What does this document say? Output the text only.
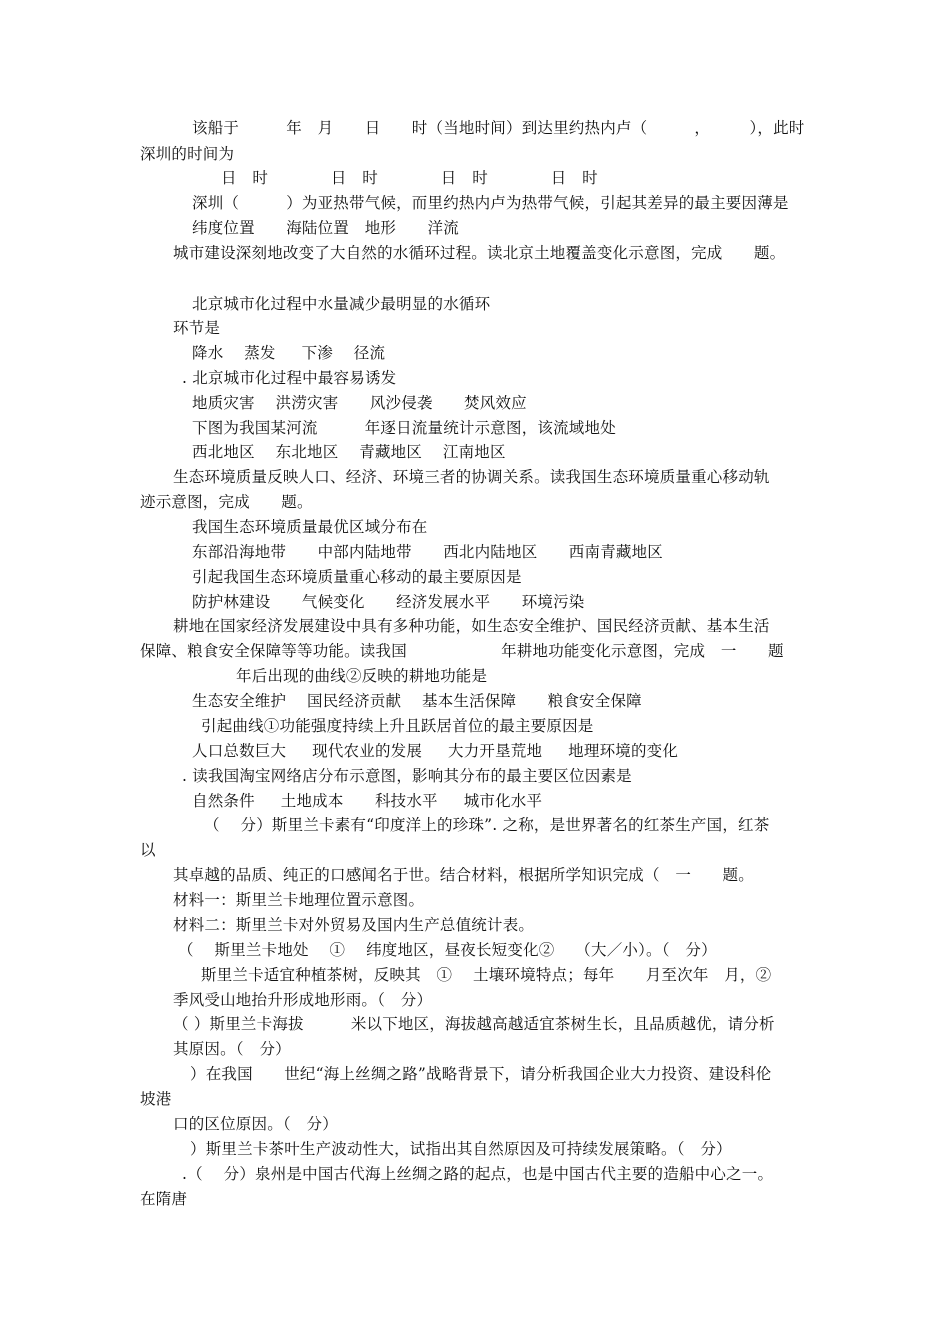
该船于　　　年　月　　日　　时（当地时间）到达里约热内卢（　　　，　　　），此时
深圳的时间为
日　时　　　　日　时　　　　日　时　　　　日　时
深圳（　　　）为亚热带气候，而里约热内卢为热带气候，引起其差异的最主要因薄是
纬度位置　　海陆位置　地形　　洋流
城市建设深刻地改变了大自然的水循环过程。读北京土地覆盖变化示意图，完成　　题。
北京城市化过程中水量减少最明显的水循环
环节是
降水　 蒸发　  下渗　 径流
. 北京城市化过程中最容易诱发
地质灾害　 洪涝灾害　　风沙侵袭　　焚风效应
下图为我国某河流　　　年逐日流量统计示意图，该流域地处
西北地区　 东北地区　 青藏地区　 江南地区
生态环境质量反映人口、经济、环境三者的协调关系。读我国生态环境质量重心移动轨
迹示意图，完成　　题。
我国生态环境质量最优区域分布在
东部沿海地带　　中部内陆地带　　西北内陆地区　　西南青藏地区
引起我国生态环境质量重心移动的最主要原因是
防护林建设　　气候变化　　经济发展水平　　环境污染
耕地在国家经济发展建设中具有多种功能，如生态安全维护、国民经济贡献、基本生活
保障、粮食安全保障等等功能。读我国　　　　　　年耕地功能变化示意图，完成　一　　题
年后出现的曲线②反映的耕地功能是
生态安全维护　 国民经济贡献　 基本生活保障　　粮食安全保障
引起曲线①功能强度持续上升且跃居首位的最主要原因是
人口总数巨大　  现代农业的发展　  大力开垦荒地　  地理环境的变化
. 读我国淘宝网络店分布示意图，影响其分布的最主要区位因素是
自然条件　  土地成本　　科技水平　  城市化水平
（　 分）斯里兰卡素有“印度洋上的珍珠”. 之称，是世界著名的红茶生产国，红茶
以
其卓越的品质、纯正的口感闻名于世。结合材料，根据所学知识完成（　一　　题。
材料一：斯里兰卡地理位置示意图。
材料二：斯里兰卡对外贸易及国内生产总值统计表。
（　 斯里兰卡地处　 ①　 纬度地区，昼夜长短变化②　 （大／小）。（　分）
斯里兰卡适宜种植茶树，反映其　①　 土壤环境特点；每年　　月至次年　月，②
季风受山地抬升形成地形雨。（　分）
（ ）斯里兰卡海拔　　　米以下地区，海拔越高越适宜茶树生长，且品质越优，请分析
其原因。（　分）
）在我国　　世纪“海上丝绸之路”战略背景下，请分析我国企业大力投资、建设科伦
坡港
口的区位原因。（　分）
）斯里兰卡茶叶生产波动性大，试指出其自然原因及可持续发展策略。（　分）
.（　 分）泉州是中国古代海上丝绸之路的起点，也是中国古代主要的造船中心之一。
在隋唐
